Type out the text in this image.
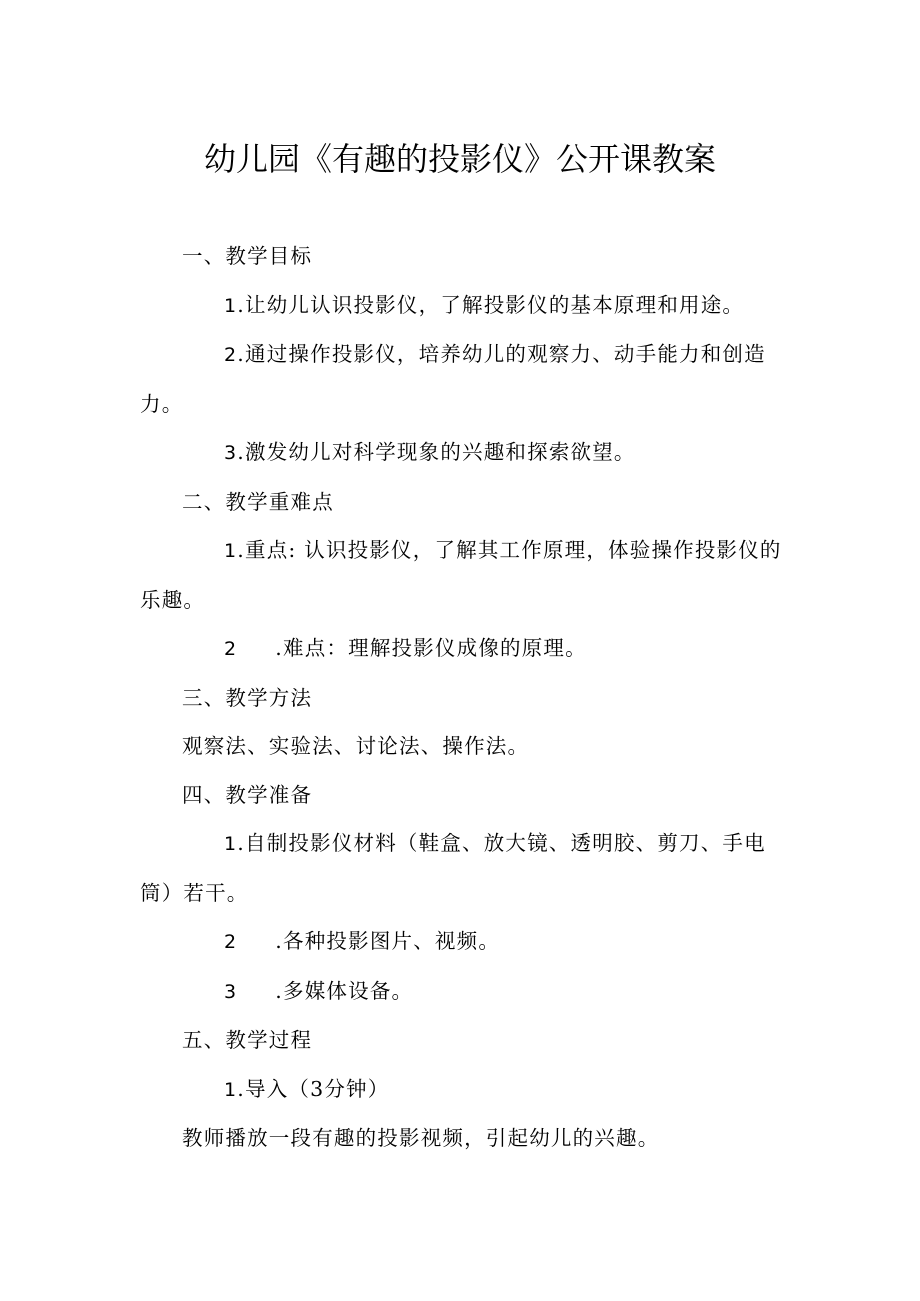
幼儿园《有趣的投影仪》公开课教案

一、教学目标

1.让幼儿认识投影仪，了解投影仪的基本原理和用途。

2.通过操作投影仪，培养幼儿的观察力、动手能力和创造力。

3.激发幼儿对科学现象的兴趣和探索欲望。

二、教学重难点

1.重点: 认识投影仪，了解其工作原理，体验操作投影仪的乐趣。

2 .难点：理解投影仪成像的原理。

三、教学方法

观察法、实验法、讨论法、操作法。

四、教学准备

1.自制投影仪材料（鞋盒、放大镜、透明胶、剪刀、手电筒）若干。

2 .各种投影图片、视频。

3 .多媒体设备。

五、教学过程

1.导入（3分钟）

教师播放一段有趣的投影视频，引起幼儿的兴趣。
